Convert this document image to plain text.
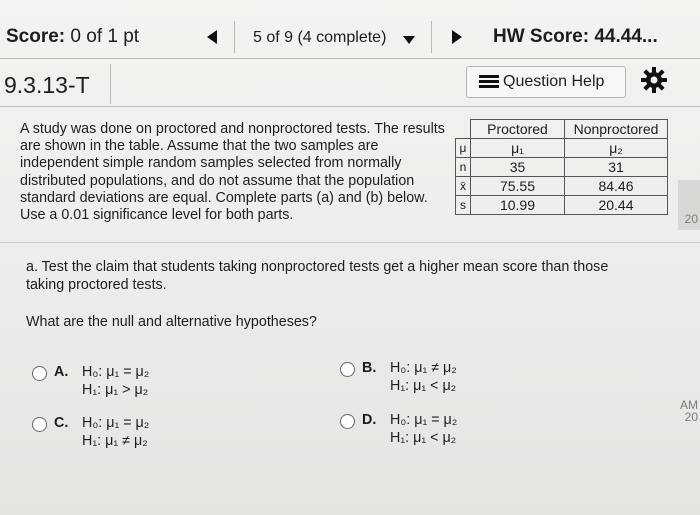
Score: 0 of 1 pt	5 of 9 (4 complete)	HW Score: 44.44...
9.3.13-T	Question Help
A study was done on proctored and nonproctored tests. The results are shown in the table. Assume that the two samples are independent simple random samples selected from normally distributed populations, and do not assume that the population standard deviations are equal. Complete parts (a) and (b) below. Use a 0.01 significance level for both parts.
	Proctored	Nonproctored
μ	μ₁	μ₂
n	35	31
x̄	75.55	84.46
s	10.99	20.44
a. Test the claim that students taking nonproctored tests get a higher mean score than those taking proctored tests.
What are the null and alternative hypotheses?
A. H₀: μ₁ = μ₂
H₁: μ₁ > μ₂
B. H₀: μ₁ ≠ μ₂
H₁: μ₁ < μ₂
C. H₀: μ₁ = μ₂
H₁: μ₁ ≠ μ₂
D. H₀: μ₁ = μ₂
H₁: μ₁ < μ₂
20
AM
20
